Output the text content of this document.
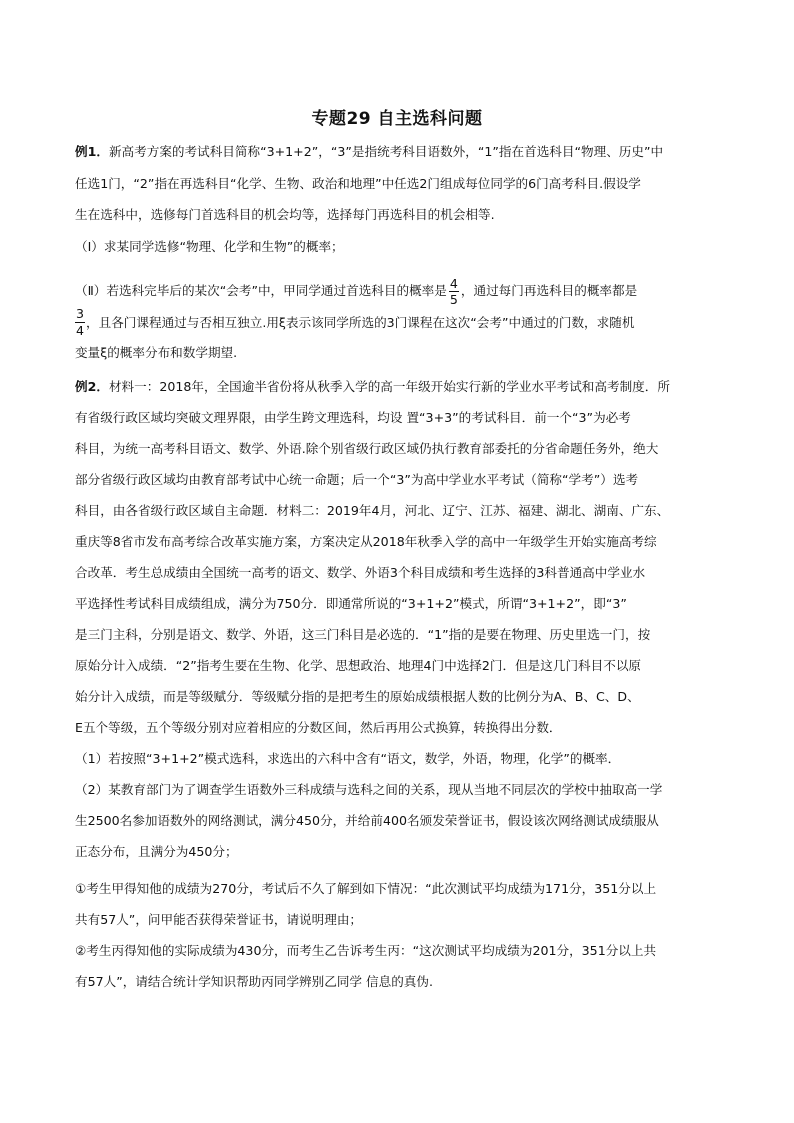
专题29 自主选科问题
例1．新高考方案的考试科目简称“3+1+2”，“3”是指统考科目语数外，“1”指在首选科目“物理、历史”中
任选1门，“2”指在再选科目“化学、生物、政治和地理”中任选2门组成每位同学的6门高考科目.假设学
生在选科中，选修每门首选科目的机会均等，选择每门再选科目的机会相等.
（Ⅰ）求某同学选修“物理、化学和生物”的概率；
（Ⅱ）若选科完毕后的某次“会考”中，甲同学通过首选科目的概率是 $\frac{4}{5}$ ，通过每门再选科目的概率都是
$\frac{3}{4}$ ，且各门课程通过与否相互独立.用ξ表示该同学所选的3门课程在这次“会考”中通过的门数，求随机
变量ξ的概率分布和数学期望.
例2．材料一：2018年，全国逾半省份将从秋季入学的高一年级开始实行新的学业水平考试和高考制度．所
有省级行政区域均突破文理界限，由学生跨文理选科，均设 置“3+3”的考试科目．前一个“3”为必考
科目，为统一高考科目语文、数学、外语.除个别省级行政区域仍执行教育部委托的分省命题任务外，绝大
部分省级行政区域均由教育部考试中心统一命题；后一个“3”为高中学业水平考试（简称“学考”）选考
科目，由各省级行政区域自主命题．材料二：2019年4月，河北、辽宁、江苏、福建、湖北、湖南、广东、
重庆等8省市发布高考综合改革实施方案，方案决定从2018年秋季入学的高中一年级学生开始实施高考综
合改革．考生总成绩由全国统一高考的语文、数学、外语3个科目成绩和考生选择的3科普通高中学业水
平选择性考试科目成绩组成，满分为750分．即通常所说的“3+1+2”模式，所谓“3+1+2”，即“3”
是三门主科，分别是语文、数学、外语，这三门科目是必选的．“1”指的是要在物理、历史里选一门，按
原始分计入成绩．“2”指考生要在生物、化学、思想政治、地理4门中选择2门．但是这几门科目不以原
始分计入成绩，而是等级赋分．等级赋分指的是把考生的原始成绩根据人数的比例分为A、B、C、D、
E五个等级，五个等级分别对应着相应的分数区间，然后再用公式换算，转换得出分数．
（1）若按照“3+1+2”模式选科，求选出的六科中含有“语文，数学，外语，物理，化学”的概率．
（2）某教育部门为了调查学生语数外三科成绩与选科之间的关系，现从当地不同层次的学校中抽取高一学
生2500名参加语数外的网络测试，满分450分，并给前400名颁发荣誉证书，假设该次网络测试成绩服从
正态分布，且满分为450分；
①考生甲得知他的成绩为270分，考试后不久了解到如下情况：“此次测试平均成绩为171分，351分以上
共有57人”，问甲能否获得荣誉证书，请说明理由；
②考生丙得知他的实际成绩为430分，而考生乙告诉考生丙：“这次测试平均成绩为201分，351分以上共
有57人”，请结合统计学知识帮助丙同学辨别乙同学 信息的真伪.
